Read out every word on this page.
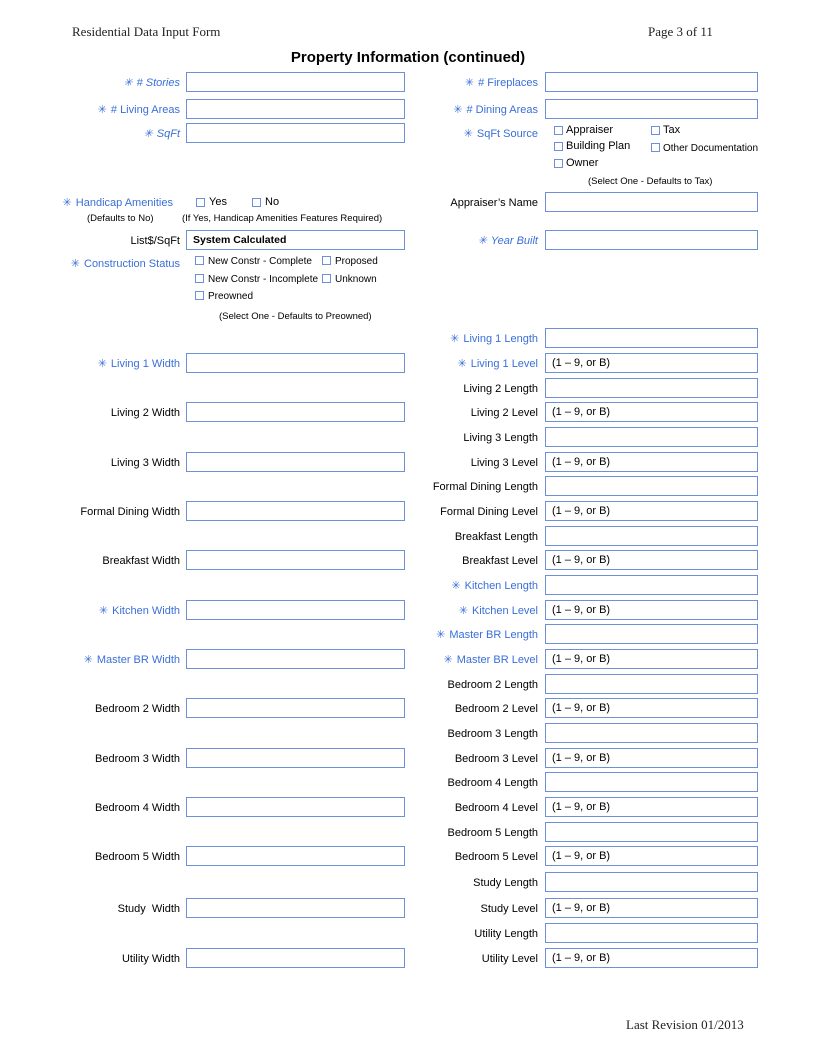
Residential Data Input Form	Page 3 of 11
Property Information (continued)
✳ # Stories	✳ # Fireplaces
✳ # Living Areas	✳ # Dining Areas
✳ SqFt	✳ SqFt Source	Appraiser	Tax
Building Plan	Other Documentation
Owner
(Select One - Defaults to Tax)
✳ Handicap Amenities	Yes	No
(Defaults to No)	(If Yes, Handicap Amenities Features Required)
Appraiser’s Name
List$/SqFt System Calculated	✳ Year Built
✳ Construction Status	New Constr - Complete Proposed
New Constr - Incomplete Unknown
Preowned
(Select One - Defaults to Preowned)
✳ Living 1 Length
✳ Living 1 Width	✳ Living 1 Level (1 – 9, or B)
Living 2 Length
Living 2 Width	Living 2 Level (1 – 9, or B)
Living 3 Length
Living 3 Width	Living 3 Level (1 – 9, or B)
Formal Dining Length
Formal Dining Width	Formal Dining Level (1 – 9, or B)
Breakfast Length
Breakfast Width	Breakfast Level (1 – 9, or B)
✳ Kitchen Length
✳ Kitchen Width	✳ Kitchen Level (1 – 9, or B)
✳ Master BR Length
✳ Master BR Width	✳ Master BR Level (1 – 9, or B)
Bedroom 2 Length
Bedroom 2 Width	Bedroom 2 Level (1 – 9, or B)
Bedroom 3 Length
Bedroom 3 Width	Bedroom 3 Level (1 – 9, or B)
Bedroom 4 Length
Bedroom 4 Width	Bedroom 4 Level (1 – 9, or B)
Bedroom 5 Length
Bedroom 5 Width	Bedroom 5 Level (1 – 9, or B)
Study Length
Study  Width	Study Level (1 – 9, or B)
Utility Length
Utility Width	Utility Level (1 – 9, or B)
Last Revision 01/2013
